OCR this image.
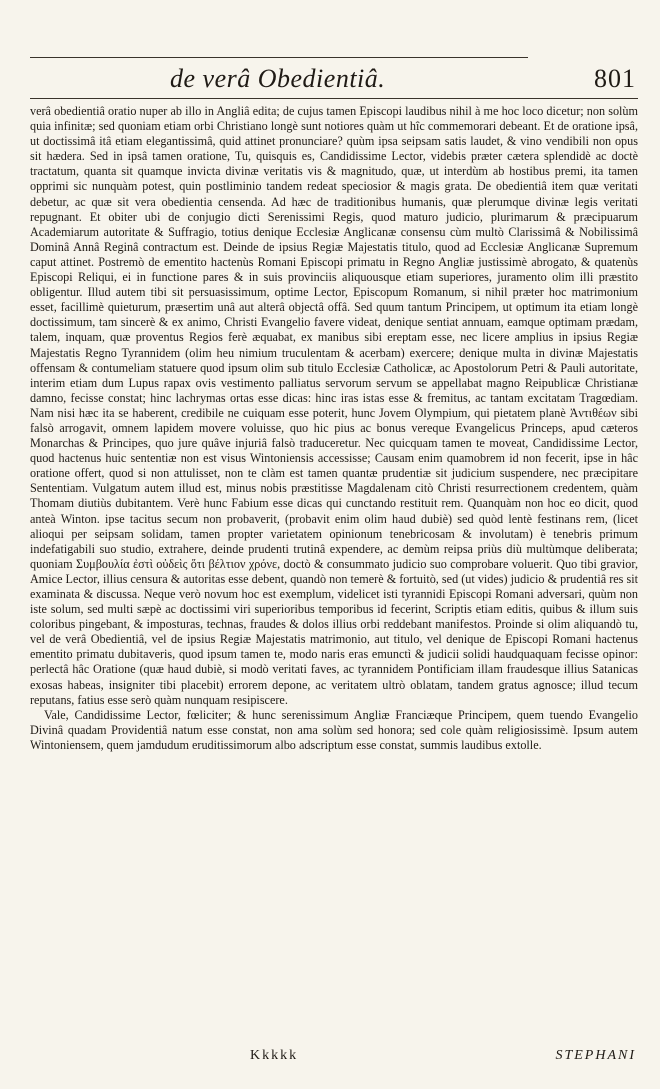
de verâ Obedientiâ.	801

verâ obedientiâ oratio nuper ab illo in Angliâ edita; de cujus tamen Episcopi laudibus nihil à me hoc loco dicetur; non solùm quia infinitæ; sed quoniam etiam orbi Christiano longè sunt notiores quàm ut hîc commemorari debeant. Et de oratione ipsâ, ut doctissimâ itâ etiam elegantissimâ, quid attinet pronunciare? quùm ipsa seipsam satis laudet, & vino vendibili non opus sit hædera. Sed in ipsâ tamen oratione, Tu, quisquis es, Candidissime Lector, videbis præter cætera splendidè ac doctè tractatum, quanta sit quamque invicta divinæ veritatis vis & magnitudo, quæ, ut interdùm ab hostibus premi, ita tamen opprimi sic nunquàm potest, quin postliminio tandem redeat speciosior & magis grata. De obedientiâ item quæ veritati debetur, ac quæ sit vera obedientia censenda. Ad hæc de traditionibus humanis, quæ plerumque divinæ legis veritati repugnant. Et obiter ubi de conjugio dicti Serenissimi Regis, quod maturo judicio, plurimarum & præcipuarum Academiarum autoritate & Suffragio, totius denique Ecclesiæ Anglicanæ consensu cùm multò Clarissimâ & Nobilissimâ Dominâ Annâ Reginâ contractum est. Deinde de ipsius Regiæ Majestatis titulo, quod ad Ecclesiæ Anglicanæ Supremum caput attinet. Postremò de ementito hactenùs Romani Episcopi primatu in Regno Angliæ justissimè abrogato, & quatenùs Episcopi Reliqui, ei in functione pares & in suis provinciis aliquousque etiam superiores, juramento olim illi præstito obligentur. Illud autem tibi sit persuasissimum, optime Lector, Episcopum Romanum, si nihil præter hoc matrimonium esset, facillimè quieturum, præsertim unâ aut alterâ objectâ offâ. Sed quum tantum Principem, ut optimum ita etiam longè doctissimum, tam sincerè & ex animo, Christi Evangelio favere videat, denique sentiat annuam, eamque optimam prædam, talem, inquam, quæ proventus Regios ferè æquabat, ex manibus sibi ereptam esse, nec licere amplius in ipsius Regiæ Majestatis Regno Tyrannidem (olim heu nimium truculentam & acerbam) exercere; denique multa in divinæ Majestatis offensam & contumeliam statuere quod ipsum olim sub titulo Ecclesiæ Catholicæ, ac Apostolorum Petri & Pauli autoritate, interim etiam dum Lupus rapax ovis vestimento palliatus servorum servum se appellabat magno Reipublicæ Christianæ damno, fecisse constat; hinc lachrymas ortas esse dicas: hinc iras istas esse & fremitus, ac tantam excitatam Tragœdiam. Nam nisi hæc ita se haberent, credibile ne cuiquam esse poterit, hunc Jovem Olympium, qui pietatem planè Ἀντιθέων sibi falsò arrogavit, omnem lapidem movere voluisse, quo hic pius ac bonus vereque Evangelicus Princeps, apud cæteros Monarchas & Principes, quo jure quâve injuriâ falsò traduceretur. Nec quicquam tamen te moveat, Candidissime Lector, quod hactenus huic sententiæ non est visus Wintoniensis accessisse; Causam enim quamobrem id non fecerit, ipse in hâc oratione offert, quod si non attulisset, non te clàm est tamen quantæ prudentiæ sit judicium suspendere, nec præcipitare Sententiam. Vulgatum autem illud est, minus nobis præstitisse Magdalenam citò Christi resurrectionem credentem, quàm Thomam diutiùs dubitantem. Verè hunc Fabium esse dicas qui cunctando restituit rem. Quanquàm non hoc eo dicit, quod anteà Winton. ipse tacitus secum non probaverit, (probavit enim olim haud dubiè) sed quòd lentè festinans rem, (licet alioqui per seipsam solidam, tamen propter varietatem opinionum tenebricosam & involutam) è tenebris primum indefatigabili suo studio, extrahere, deinde prudenti trutinâ expendere, ac demùm reipsa priùs diù multùmque deliberata; quoniam Συμβουλία ἐστὶ οὐδεὶς ὅτι βέλτιον χρόνε, doctò & consummato judicio suo comprobare voluerit. Quo tibi gravior, Amice Lector, illius censura & autoritas esse debent, quandò non temerè & fortuitò, sed (ut vides) judicio & prudentiâ res sit examinata & discussa. Neque verò novum hoc est exemplum, videlicet isti tyrannidi Episcopi Romani adversari, quùm non iste solum, sed multi sæpè ac doctissimi viri superioribus temporibus id fecerint, Scriptis etiam editis, quibus & illum suis coloribus pingebant, & imposturas, technas, fraudes & dolos illius orbi reddebant manifestos. Proinde si olim aliquandò tu, vel de verâ Obedientiâ, vel de ipsius Regiæ Majestatis matrimonio, aut titulo, vel denique de Episcopi Romani hactenus ementito primatu dubitaveris, quod ipsum tamen te, modo naris eras emunctì & judicii solidi haudquaquam fecisse opinor: perlectâ hâc Oratione (quæ haud dubiè, si modò veritati faves, ac tyrannidem Pontificiam illam fraudesque illius Satanicas exosas habeas, insigniter tibi placebit) errorem depone, ac veritatem ultrò oblatam, tandem gratus agnosce; illud tecum reputans, fatius esse serò quàm nunquam resipiscere.

Vale, Candidissime Lector, fœliciter; & hunc serenissimum Angliæ Franciæque Principem, quem tuendo Evangelio Divinâ quadam Providentiâ natum esse constat, non ama solùm sed honora; sed cole quàm religiosissimè. Ipsum autem Wintoniensem, quem jamdudum eruditissimorum albo adscriptum esse constat, summis laudibus extolle.

Kkkkk	STEPHANI
